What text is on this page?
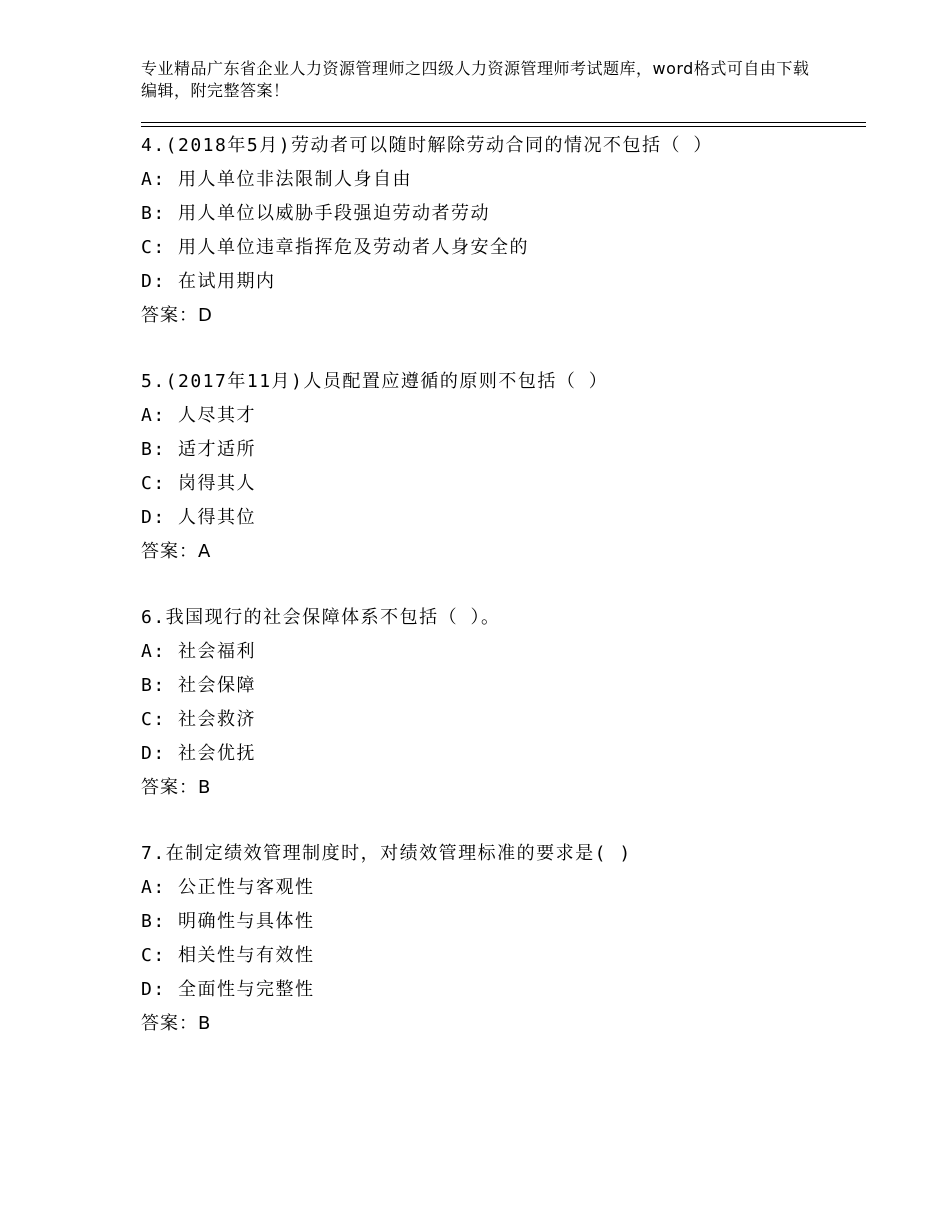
专业精品广东省企业人力资源管理师之四级人力资源管理师考试题库，word格式可自由下载编辑，附完整答案！
4.(2018年5月)劳动者可以随时解除劳动合同的情况不包括（ ）
A: 用人单位非法限制人身自由
B: 用人单位以威胁手段强迫劳动者劳动
C: 用人单位违章指挥危及劳动者人身安全的
D: 在试用期内
答案：D
5.(2017年11月)人员配置应遵循的原则不包括（ ）
A: 人尽其才
B: 适才适所
C: 岗得其人
D: 人得其位
答案：A
6.我国现行的社会保障体系不包括（ ）。
A: 社会福利
B: 社会保障
C: 社会救济
D: 社会优抚
答案：B
7.在制定绩效管理制度时，对绩效管理标准的要求是( )
A: 公正性与客观性
B: 明确性与具体性
C: 相关性与有效性
D: 全面性与完整性
答案：B
